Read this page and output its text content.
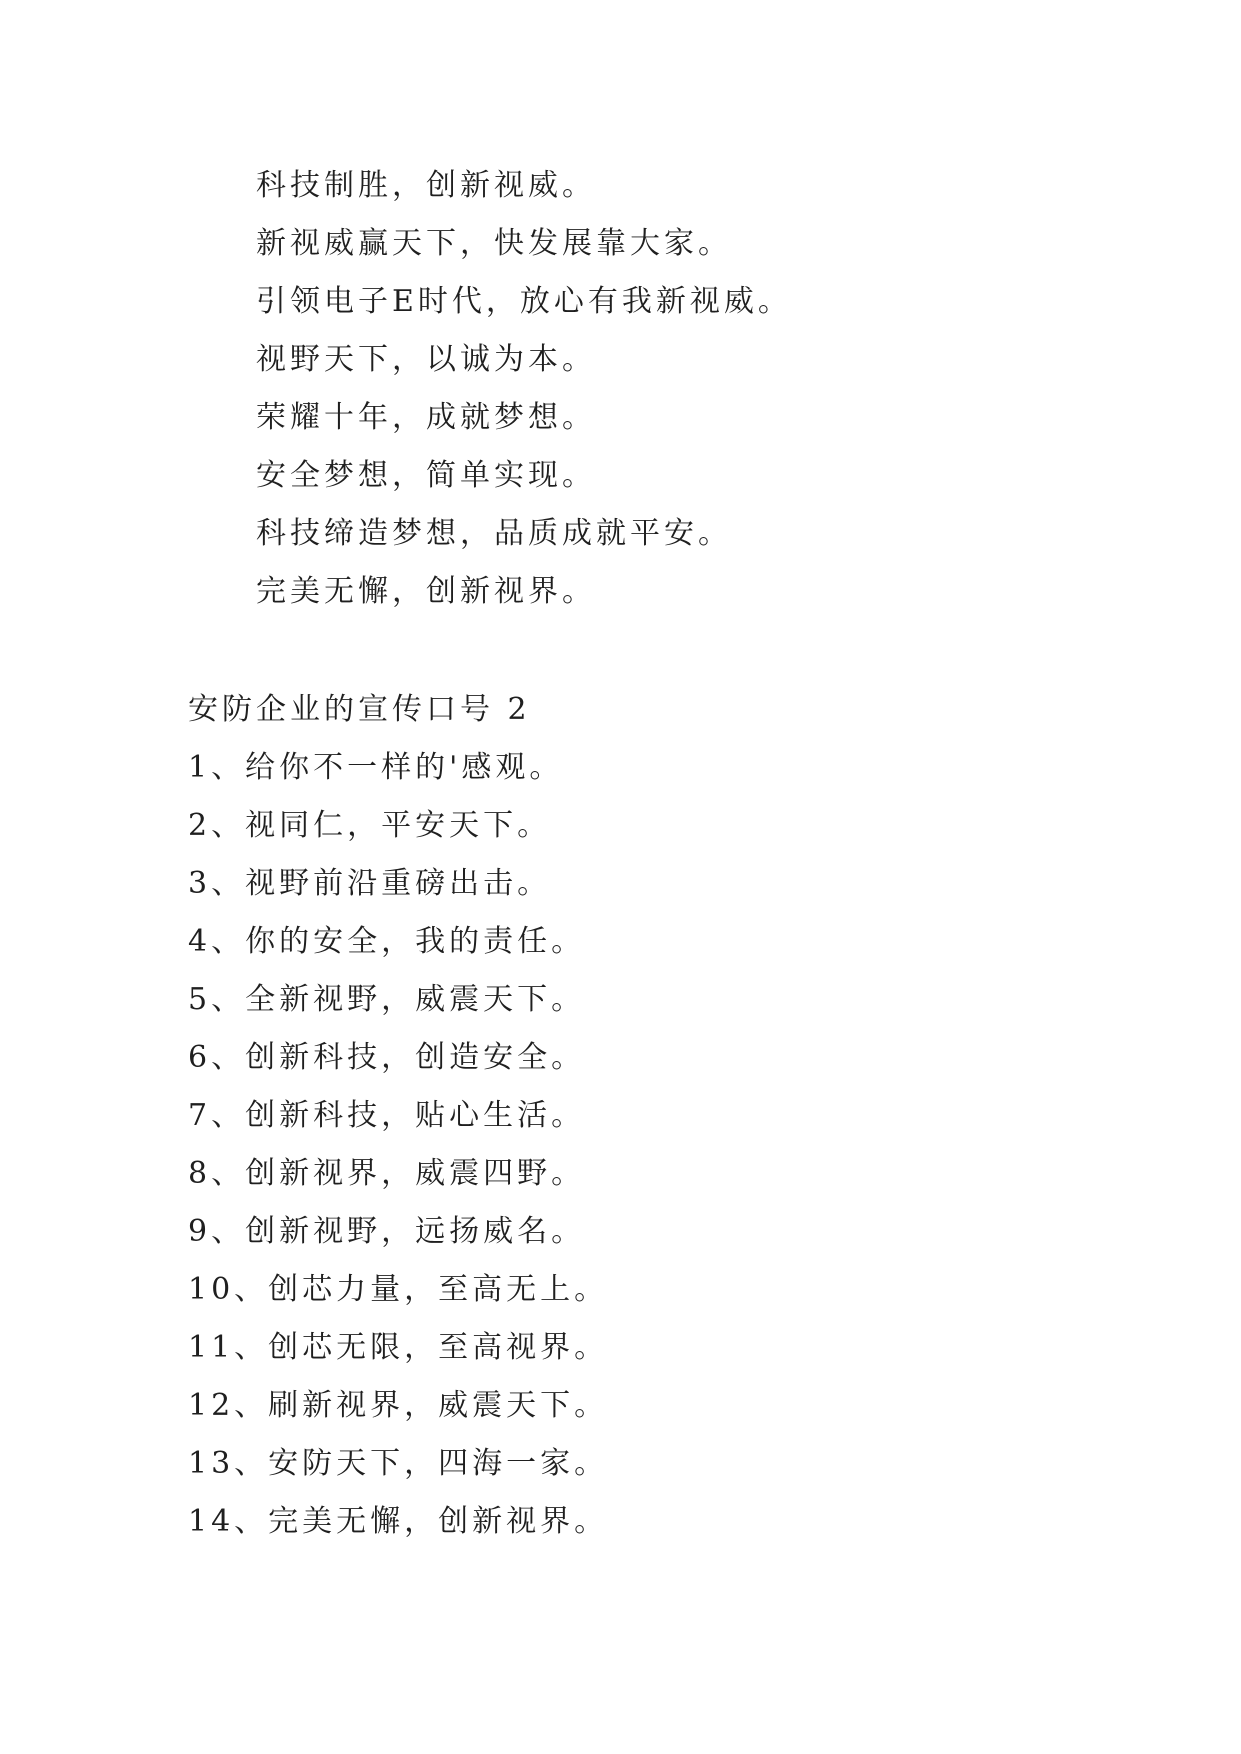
科技制胜，创新视威。
新视威赢天下，快发展靠大家。
引领电子E时代，放心有我新视威。
视野天下，以诚为本。
荣耀十年，成就梦想。
安全梦想，简单实现。
科技缔造梦想，品质成就平安。
完美无懈，创新视界。
安防企业的宣传口号 2
1、给你不一样的'感观。
2、视同仁，平安天下。
3、视野前沿重磅出击。
4、你的安全，我的责任。
5、全新视野，威震天下。
6、创新科技，创造安全。
7、创新科技，贴心生活。
8、创新视界，威震四野。
9、创新视野，远扬威名。
10、创芯力量，至高无上。
11、创芯无限，至高视界。
12、刷新视界，威震天下。
13、安防天下，四海一家。
14、完美无懈，创新视界。
